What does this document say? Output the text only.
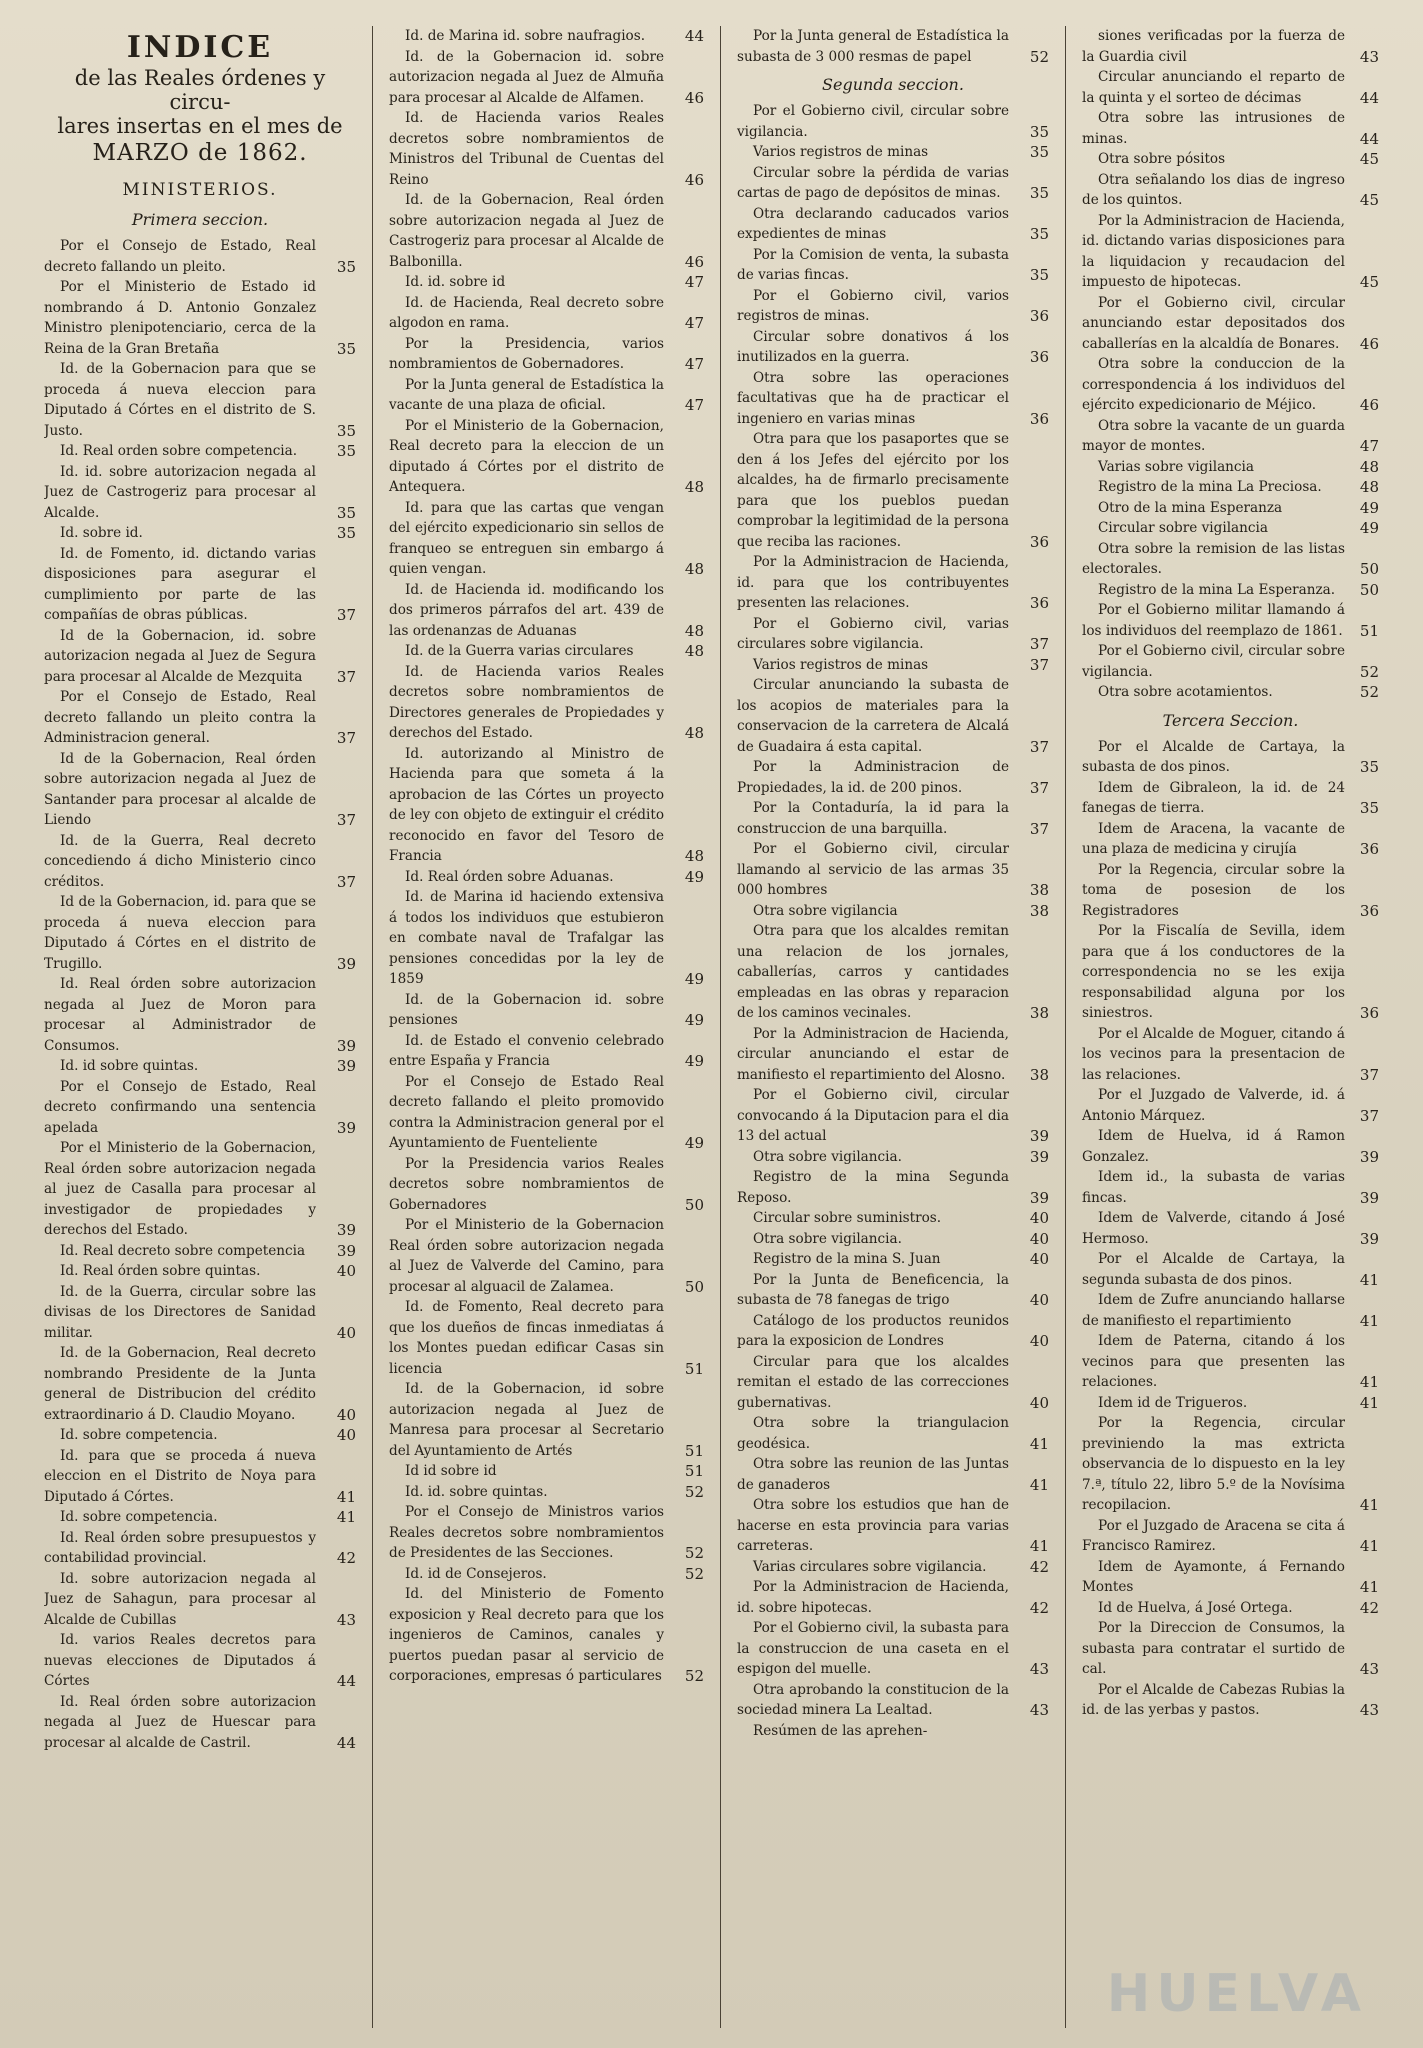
INDICE
de las Reales órdenes y circu-
lares insertas en el mes de
MARZO de 1862.
MINISTERIOS.
Primera seccion.
Por el Consejo de Estado, Real decreto fallando un pleito.	35
Por el Ministerio de Estado id nombrando á D. Antonio Gonzalez Ministro plenipotenciario, cerca de la Reina de la Gran Bretaña	35
Id. de la Gobernacion para que se proceda á nueva eleccion para Diputado á Córtes en el distrito de S. Justo.	35
Id. Real orden sobre competencia.	35
Id. id. sobre autorizacion negada al Juez de Castrogeriz para procesar al Alcalde.	35
Id. sobre id.	35
Id. de Fomento, id. dictando varias disposiciones para asegurar el cumplimiento por parte de las compañías de obras públicas.	37
Id de la Gobernacion, id. sobre autorizacion negada al Juez de Segura para procesar al Alcalde de Mezquita	37
Por el Consejo de Estado, Real decreto fallando un pleito contra la Administracion general.	37
Id de la Gobernacion, Real órden sobre autorizacion negada al Juez de Santander para procesar al alcalde de Liendo	37
Id. de la Guerra, Real decreto concediendo á dicho Ministerio cinco créditos.	37
Id de la Gobernacion, id. para que se proceda á nueva eleccion para Diputado á Córtes en el distrito de Trugillo.	39
Id. Real órden sobre autorizacion negada al Juez de Moron para procesar al Administrador de Consumos.	39
Id. id sobre quintas.	39
Por el Consejo de Estado, Real decreto confirmando una sentencia apelada	39
Por el Ministerio de la Gobernacion, Real órden sobre autorizacion negada al juez de Casalla para procesar al investigador de propiedades y derechos del Estado.	39
Id. Real decreto sobre competencia	39
Id. Real órden sobre quintas.	40
Id. de la Guerra, circular sobre las divisas de los Directores de Sanidad militar.	40
Id. de la Gobernacion, Real decreto nombrando Presidente de la Junta general de Distribucion del crédito extraordinario á D. Claudio Moyano.	40
Id. sobre competencia.	40
Id. para que se proceda á nueva eleccion en el Distrito de Noya para Diputado á Córtes.	41
Id. sobre competencia.	41
Id. Real órden sobre presupuestos y contabilidad provincial.	42
Id. sobre autorizacion negada al Juez de Sahagun, para procesar al Alcalde de Cubillas	43
Id. varios Reales decretos para nuevas elecciones de Diputados á Córtes	44
Id. Real órden sobre autorizacion negada al Juez de Huescar para procesar al alcalde de Castril.	44
Id. de Marina id. sobre naufragios.	44
Id. de la Gobernacion id. sobre autorizacion negada al Juez de Almuña para procesar al Alcalde de Alfamen.	46
Id. de Hacienda varios Reales decretos sobre nombramientos de Ministros del Tribunal de Cuentas del Reino	46
Id. de la Gobernacion, Real órden sobre autorizacion negada al Juez de Castrogeriz para procesar al Alcalde de Balbonilla.	46
Id. id. sobre id	47
Id. de Hacienda, Real decreto sobre algodon en rama.	47
Por la Presidencia, varios nombramientos de Gobernadores.	47
Por la Junta general de Estadística la vacante de una plaza de oficial.	47
Por el Ministerio de la Gobernacion, Real decreto para la eleccion de un diputado á Córtes por el distrito de Antequera.	48
Id. para que las cartas que vengan del ejército expedicionario sin sellos de franqueo se entreguen sin embargo á quien vengan.	48
Id. de Hacienda id. modificando los dos primeros párrafos del art. 439 de las ordenanzas de Aduanas	48
Id. de la Guerra varias circulares	48
Id. de Hacienda varios Reales decretos sobre nombramientos de Directores generales de Propiedades y derechos del Estado.	48
Id. autorizando al Ministro de Hacienda para que someta á la aprobacion de las Córtes un proyecto de ley con objeto de extinguir el crédito reconocido en favor del Tesoro de Francia	48
Id. Real órden sobre Aduanas.	49
Id. de Marina id haciendo extensiva á todos los individuos que estubieron en combate naval de Trafalgar las pensiones concedidas por la ley de 1859	49
Id. de la Gobernacion id. sobre pensiones	49
Id. de Estado el convenio celebrado entre España y Francia	49
Por el Consejo de Estado Real decreto fallando el pleito promovido contra la Administracion general por el Ayuntamiento de Fuenteliente	49
Por la Presidencia varios Reales decretos sobre nombramientos de Gobernadores	50
Por el Ministerio de la Gobernacion Real órden sobre autorizacion negada al Juez de Valverde del Camino, para procesar al alguacil de Zalamea.	50
Id. de Fomento, Real decreto para que los dueños de fincas inmediatas á los Montes puedan edificar Casas sin licencia	51
Id. de la Gobernacion, id sobre autorizacion negada al Juez de Manresa para procesar al Secretario del Ayuntamiento de Artés	51
Id id sobre id	51
Id. id. sobre quintas.	52
Por el Consejo de Ministros varios Reales decretos sobre nombramientos de Presidentes de las Secciones.	52
Id. id de Consejeros.	52
Id. del Ministerio de Fomento exposicion y Real decreto para que los ingenieros de Caminos, canales y puertos puedan pasar al servicio de corporaciones, empresas ó particulares	52
Por la Junta general de Estadística la subasta de 3 000 resmas de papel	52
Segunda seccion.
Por el Gobierno civil, circular sobre vigilancia.	35
Varios registros de minas	35
Circular sobre la pérdida de varias cartas de pago de depósitos de minas.	35
Otra declarando caducados varios expedientes de minas	35
Por la Comision de venta, la subasta de varias fincas.	35
Por el Gobierno civil, varios registros de minas.	36
Circular sobre donativos á los inutilizados en la guerra.	36
Otra sobre las operaciones facultativas que ha de practicar el ingeniero en varias minas	36
Otra para que los pasaportes que se den á los Jefes del ejército por los alcaldes, ha de firmarlo precisamente para que los pueblos puedan comprobar la legitimidad de la persona que reciba las raciones.	36
Por la Administracion de Hacienda, id. para que los contribuyentes presenten las relaciones.	36
Por el Gobierno civil, varias circulares sobre vigilancia.	37
Varios registros de minas	37
Circular anunciando la subasta de los acopios de materiales para la conservacion de la carretera de Alcalá de Guadaira á esta capital.	37
Por la Administracion de Propiedades, la id. de 200 pinos.	37
Por la Contaduría, la id para la construccion de una barquilla.	37
Por el Gobierno civil, circular llamando al servicio de las armas 35 000 hombres	38
Otra sobre vigilancia	38
Otra para que los alcaldes remitan una relacion de los jornales, caballerías, carros y cantidades empleadas en las obras y reparacion de los caminos vecinales.	38
Por la Administracion de Hacienda, circular anunciando el estar de manifiesto el repartimiento del Alosno.	38
Por el Gobierno civil, circular convocando á la Diputacion para el dia 13 del actual	39
Otra sobre vigilancia.	39
Registro de la mina Segunda Reposo.	39
Circular sobre suministros.	40
Otra sobre vigilancia.	40
Registro de la mina S. Juan	40
Por la Junta de Beneficencia, la subasta de 78 fanegas de trigo	40
Catálogo de los productos reunidos para la exposicion de Londres	40
Circular para que los alcaldes remitan el estado de las correcciones gubernativas.	40
Otra sobre la triangulacion geodésica.	41
Otra sobre las reunion de las Juntas de ganaderos	41
Otra sobre los estudios que han de hacerse en esta provincia para varias carreteras.	41
Varias circulares sobre vigilancia.	42
Por la Administracion de Hacienda, id. sobre hipotecas.	42
Por el Gobierno civil, la subasta para la construccion de una caseta en el espigon del muelle.	43
Otra aprobando la constitucion de la sociedad minera La Lealtad.	43
Resúmen de las aprehen-
siones verificadas por la fuerza de la Guardia civil	43
Circular anunciando el reparto de la quinta y el sorteo de décimas	44
Otra sobre las intrusiones de minas.	44
Otra sobre pósitos	45
Otra señalando los dias de ingreso de los quintos.	45
Por la Administracion de Hacienda, id. dictando varias disposiciones para la liquidacion y recaudacion del impuesto de hipotecas.	45
Por el Gobierno civil, circular anunciando estar depositados dos caballerías en la alcaldía de Bonares.	46
Otra sobre la conduccion de la correspondencia á los individuos del ejército expedicionario de Méjico.	46
Otra sobre la vacante de un guarda mayor de montes.	47
Varias sobre vigilancia	48
Registro de la mina La Preciosa.	48
Otro de la mina Esperanza	49
Circular sobre vigilancia	49
Otra sobre la remision de las listas electorales.	50
Registro de la mina La Esperanza.	50
Por el Gobierno militar llamando á los individuos del reemplazo de 1861.	51
Por el Gobierno civil, circular sobre vigilancia.	52
Otra sobre acotamientos.	52
Tercera Seccion.
Por el Alcalde de Cartaya, la subasta de dos pinos.	35
Idem de Gibraleon, la id. de 24 fanegas de tierra.	35
Idem de Aracena, la vacante de una plaza de medicina y cirujía	36
Por la Regencia, circular sobre la toma de posesion de los Registradores	36
Por la Fiscalía de Sevilla, idem para que á los conductores de la correspondencia no se les exija responsabilidad alguna por los siniestros.	36
Por el Alcalde de Moguer, citando á los vecinos para la presentacion de las relaciones.	37
Por el Juzgado de Valverde, id. á Antonio Márquez.	37
Idem de Huelva, id á Ramon Gonzalez.	39
Idem id., la subasta de varias fincas.	39
Idem de Valverde, citando á José Hermoso.	39
Por el Alcalde de Cartaya, la segunda subasta de dos pinos.	41
Idem de Zufre anunciando hallarse de manifiesto el repartimiento	41
Idem de Paterna, citando á los vecinos para que presenten las relaciones.	41
Idem id de Trigueros.	41
Por la Regencia, circular previniendo la mas extricta observancia de lo dispuesto en la ley 7.ª, título 22, libro 5.º de la Novísima recopilacion.	41
Por el Juzgado de Aracena se cita á Francisco Ramirez.	41
Idem de Ayamonte, á Fernando Montes	41
Id de Huelva, á José Ortega.	42
Por la Direccion de Consumos, la subasta para contratar el surtido de cal.	43
Por el Alcalde de Cabezas Rubias la id. de las yerbas y pastos.	43
HUELVA
